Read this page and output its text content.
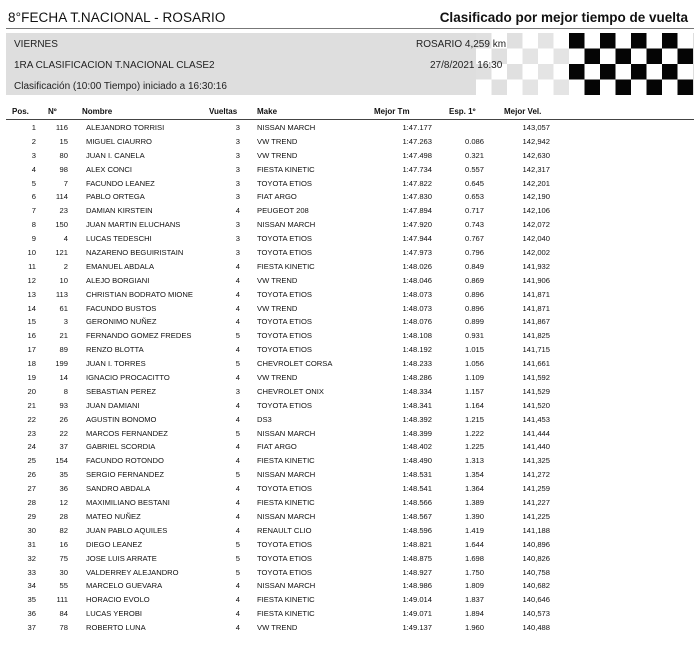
8°FECHA T.NACIONAL - ROSARIO	Clasificado por mejor tiempo de vuelta
VIERNES
1RA CLASIFICACION T.NACIONAL CLASE2
Clasificación (10:00 Tiempo) iniciado a 16:30:16
ROSARIO 4,259 km
27/8/2021 16:30
Pos. Nº	Nombre	Vueltas Make	Mejor Tm	Esp. 1º	Mejor Vel.
1	116 ALEJANDRO TORRISI	3 NISSAN MARCH	1:47.177	143,057
2	15 MIGUEL CIAURRO	3 VW TREND	1:47.263	0.086	142,942
3	80 JUAN I. CANELA	3 VW TREND	1:47.498	0.321	142,630
4	98 ALEX CONCI	3 FIESTA KINETIC	1:47.734	0.557	142,317
5	7 FACUNDO LEANEZ	3 TOYOTA ETIOS	1:47.822	0.645	142,201
6	114 PABLO ORTEGA	3 FIAT ARGO	1:47.830	0.653	142,190
7	23 DAMIAN KIRSTEIN	4 PEUGEOT 208	1:47.894	0.717	142,106
8	150 JUAN MARTIN ELUCHANS	3 NISSAN MARCH	1:47.920	0.743	142,072
9	4 LUCAS TEDESCHI	3 TOYOTA ETIOS	1:47.944	0.767	142,040
10	121 NAZARENO BEGUIRISTAIN	3 TOYOTA ETIOS	1:47.973	0.796	142,002
11	2 EMANUEL ABDALA	4 FIESTA KINETIC	1:48.026	0.849	141,932
12	10 ALEJO BORGIANI	4 VW TREND	1:48.046	0.869	141,906
13	113 CHRISTIAN BODRATO MIONE	4 TOYOTA ETIOS	1:48.073	0.896	141,871
14	61 FACUNDO BUSTOS	4 VW TREND	1:48.073	0.896	141,871
15	3 GERONIMO NUÑEZ	4 TOYOTA ETIOS	1:48.076	0.899	141,867
16	21 FERNANDO GOMEZ FREDES	5 TOYOTA ETIOS	1:48.108	0.931	141,825
17	89 RENZO BLOTTA	4 TOYOTA ETIOS	1:48.192	1.015	141,715
18	199 JUAN I. TORRES	5 CHEVROLET CORSA	1:48.233	1.056	141,661
19	14 IGNACIO PROCACITTO	4 VW TREND	1:48.286	1.109	141,592
20	8 SEBASTIAN PEREZ	3 CHEVROLET ONIX	1:48.334	1.157	141,529
21	93 JUAN DAMIANI	4 TOYOTA ETIOS	1:48.341	1.164	141,520
22	26 AGUSTIN BONOMO	4 DS3	1:48.392	1.215	141,453
23	22 MARCOS FERNANDEZ	5 NISSAN MARCH	1:48.399	1.222	141,444
24	37 GABRIEL SCORDIA	4 FIAT ARGO	1:48.402	1.225	141,440
25	154 FACUNDO ROTONDO	4 FIESTA KINETIC	1:48.490	1.313	141,325
26	35 SERGIO FERNANDEZ	5 NISSAN MARCH	1:48.531	1.354	141,272
27	36 SANDRO ABDALA	4 TOYOTA ETIOS	1:48.541	1.364	141,259
28	12 MAXIMILIANO BESTANI	4 FIESTA KINETIC	1:48.566	1.389	141,227
29	28 MATEO NUÑEZ	4 NISSAN MARCH	1:48.567	1.390	141,225
30	82 JUAN PABLO AQUILES	4 RENAULT CLIO	1:48.596	1.419	141,188
31	16 DIEGO LEANEZ	5 TOYOTA ETIOS	1:48.821	1.644	140,896
32	75 JOSE LUIS ARRATE	5 TOYOTA ETIOS	1:48.875	1.698	140,826
33	30 VALDERREY ALEJANDRO	5 TOYOTA ETIOS	1:48.927	1.750	140,758
34	55 MARCELO GUEVARA	4 NISSAN MARCH	1:48.986	1.809	140,682
35	111 HORACIO EVOLO	4 FIESTA KINETIC	1:49.014	1.837	140,646
36	84 LUCAS YEROBI	4 FIESTA KINETIC	1:49.071	1.894	140,573
37	78 ROBERTO LUNA	4 VW TREND	1:49.137	1.960	140,488
